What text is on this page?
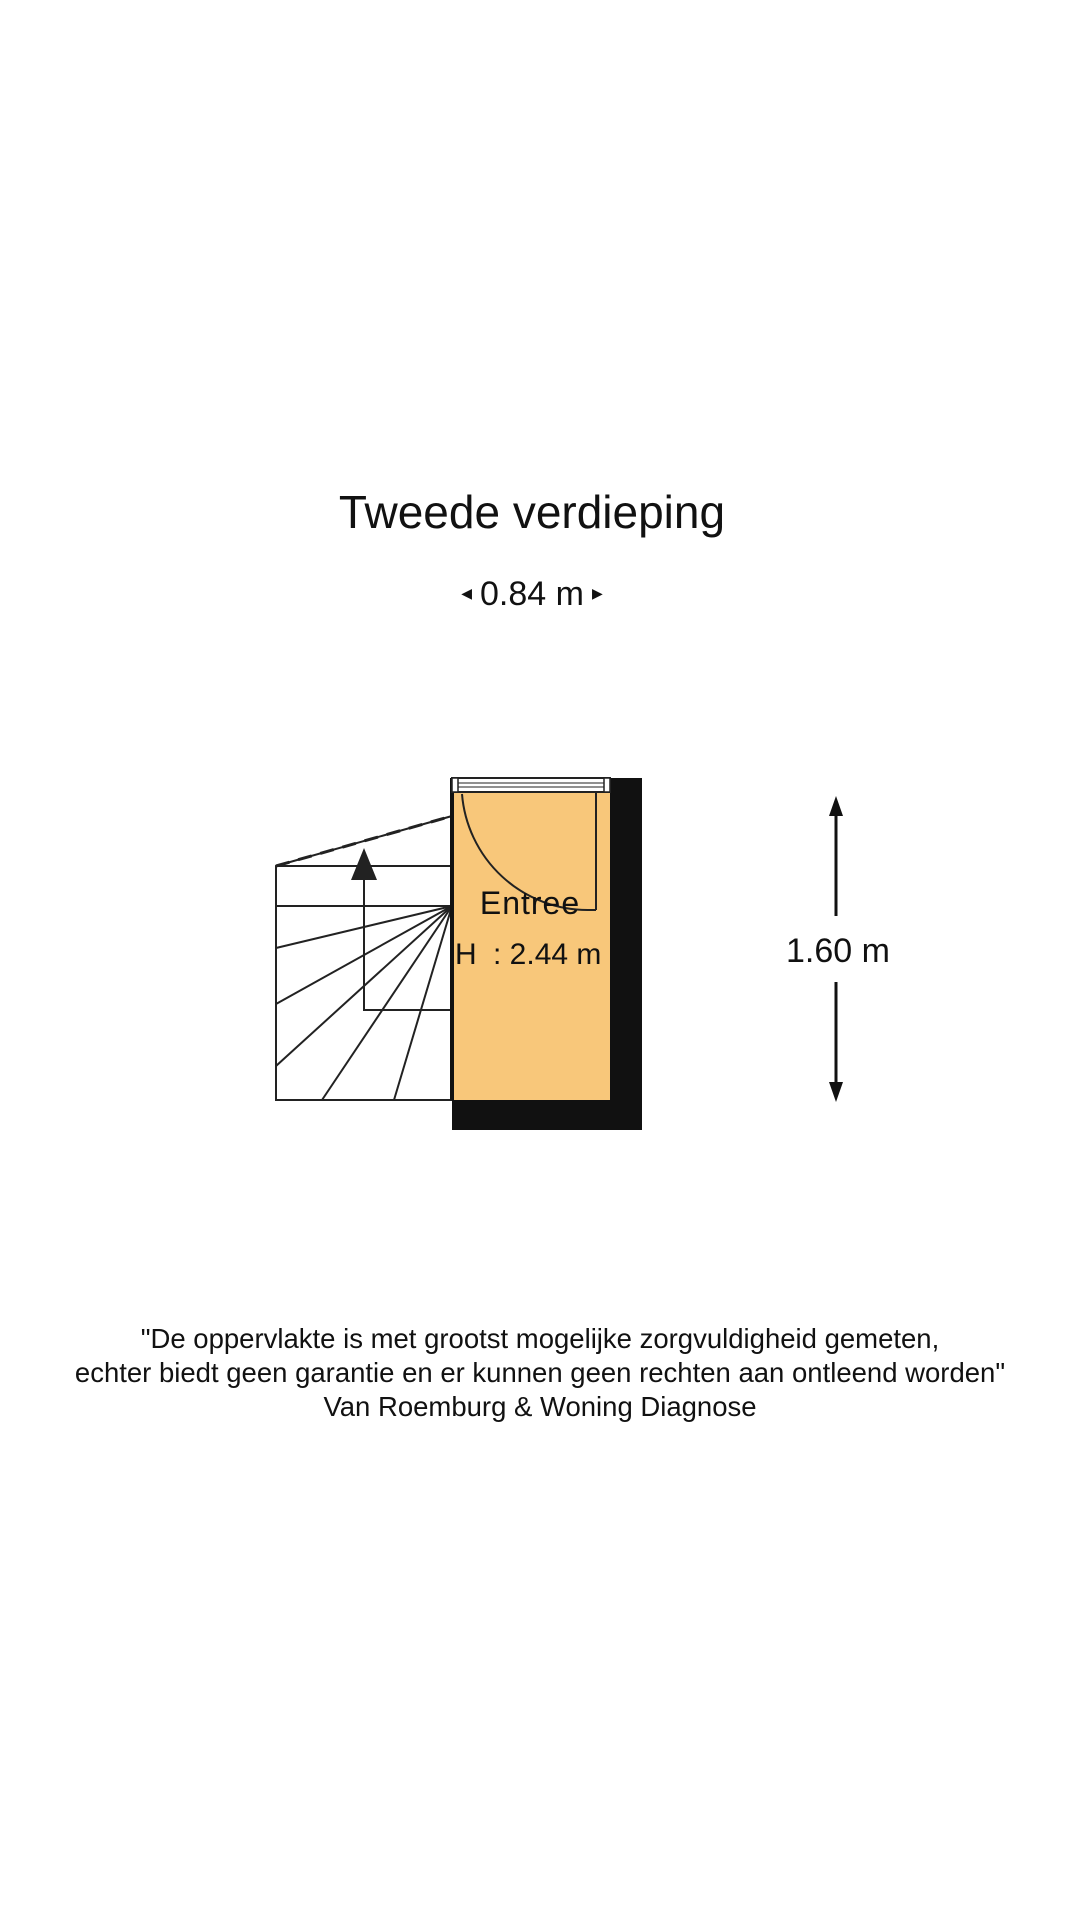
Tweede verdieping
◀ 0.84 m ▶
Entree
H : 2.44 m	1.60 m
"De oppervlakte is met grootst mogelijke zorgvuldigheid gemeten,
echter biedt geen garantie en er kunnen geen rechten aan ontleend worden"
Van Roemburg & Woning Diagnose
